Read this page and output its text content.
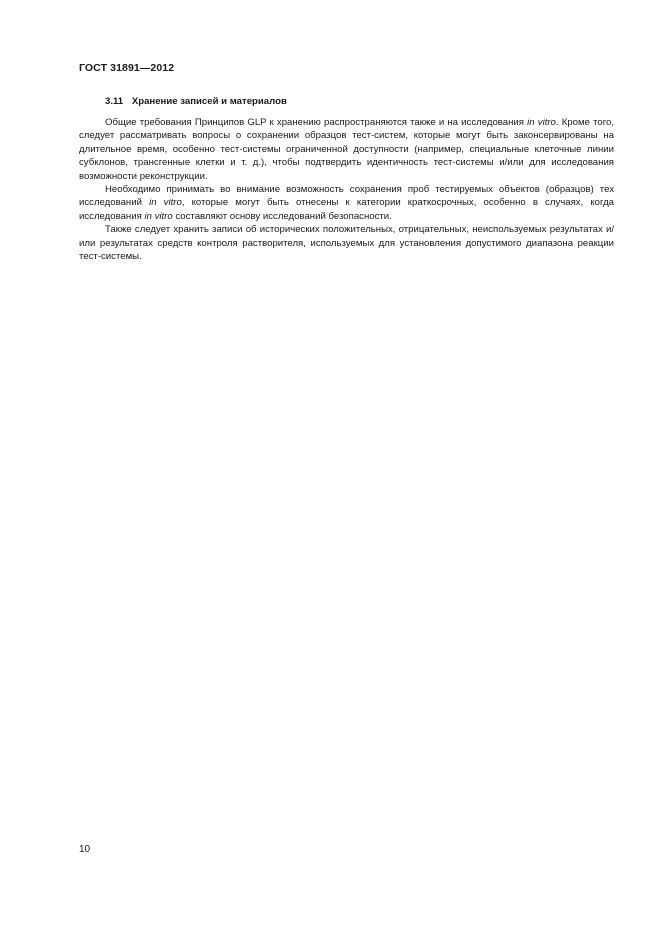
ГОСТ 31891—2012
3.11 Хранение записей и материалов

Общие требования Принципов GLP к хранению распространяются также и на исследования in vitro. Кроме того, следует рассматривать вопросы о сохранении образцов тест-систем, которые могут быть законсервированы на длительное время, особенно тест-системы ограниченной доступности (например, специальные клеточные линии субклонов, трансгенные клетки и т. д.), чтобы подтвердить идентичность тест-системы и/или для исследования возможности реконструкции.

Необходимо принимать во внимание возможность сохранения проб тестируемых объектов (образцов) тех исследований in vitro, которые могут быть отнесены к категории краткосрочных, особенно в случаях, когда исследования in vitro составляют основу исследований безопасности.

Также следует хранить записи об исторических положительных, отрицательных, неиспользуемых результатах и/или результатах средств контроля растворителя, используемых для установления допустимого диапазона реакции тест-системы.

10
